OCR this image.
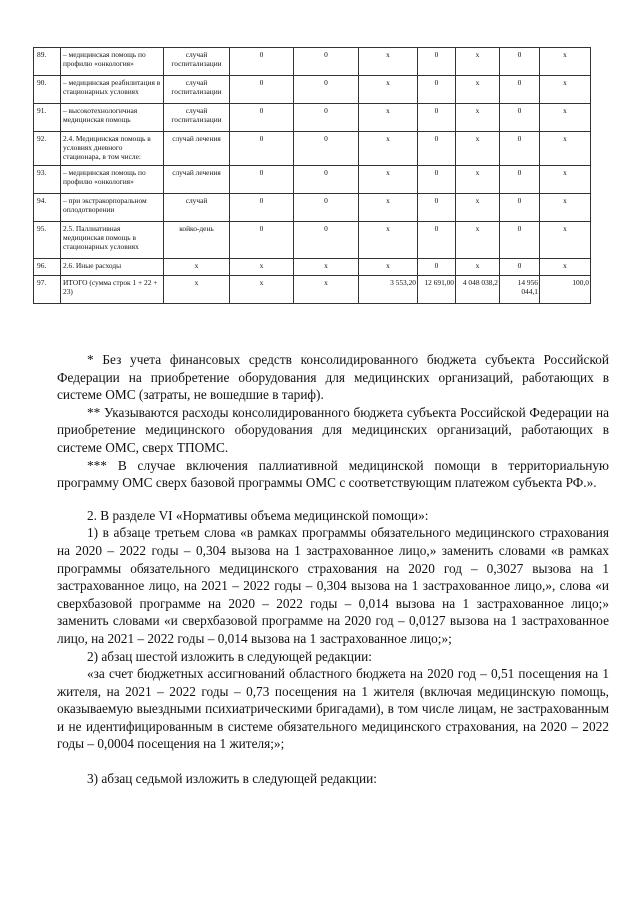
89.	– медицинская помощь по профилю «онкология»	случай госпитализации	0	0	x	0	x	0	x
90.	– медицинская реабилитация в стационарных условиях	случай госпитализации	0	0	x	0	x	0	x
91.	– высокотехнологичная медицинская помощь	случай госпитализации	0	0	x	0	x	0	x
92.	2.4. Медицинская помощь в условиях дневного стационара, в том числе:	случай лечения	0	0	x	0	x	0	x
93.	– медицинская помощь по профилю «онкология»	случай лечения	0	0	x	0	x	0	x
94.	– при экстракорпоральном оплодотворении	случай	0	0	x	0	x	0	x
95.	2.5. Паллиативная медицинская помощь в стационарных условиях	койко-день	0	0	x	0	x	0	x
96.	2.6. Иные расходы	x	x	x	x	0	x	0	x
97.	ИТОГО (сумма строк 1 + 22 + 23)	x	x	x	3 553,20	12 691,00	4 048 038,2	14 956 044,1	100,0

* Без учета финансовых средств консолидированного бюджета субъекта Российской Федерации на приобретение оборудования для медицинских организаций, работающих в системе ОМС (затраты, не вошедшие в тариф).

** Указываются расходы консолидированного бюджета субъекта Российской Федерации на приобретение медицинского оборудования для медицинских организаций, работающих в системе ОМС, сверх ТПОМС.

*** В случае включения паллиативной медицинской помощи в территориальную программу ОМС сверх базовой программы ОМС с соответствующим платежом субъекта РФ.».

2. В разделе VI «Нормативы объема медицинской помощи»:

1) в абзаце третьем слова «в рамках программы обязательного медицинского страхования на 2020 – 2022 годы – 0,304 вызова на 1 застрахованное лицо,» заменить словами «в рамках программы обязательного медицинского страхования на 2020 год – 0,3027 вызова на 1 застрахованное лицо, на 2021 – 2022 годы – 0,304 вызова на 1 застрахованное лицо,», слова «и сверхбазовой программе на 2020 – 2022 годы – 0,014 вызова на 1 застрахованное лицо;» заменить словами «и сверхбазовой программе на 2020 год – 0,0127 вызова на 1 застрахованное лицо, на 2021 – 2022 годы – 0,014 вызова на 1 застрахованное лицо;»;

2) абзац шестой изложить в следующей редакции:

«за счет бюджетных ассигнований областного бюджета на 2020 год – 0,51 посещения на 1 жителя, на 2021 – 2022 годы – 0,73 посещения на 1 жителя (включая медицинскую помощь, оказываемую выездными психиатрическими бригадами), в том числе лицам, не застрахованным и не идентифицированным в системе обязательного медицинского страхования, на 2020 – 2022 годы – 0,0004 посещения на 1 жителя;»;

3) абзац седьмой изложить в следующей редакции:
